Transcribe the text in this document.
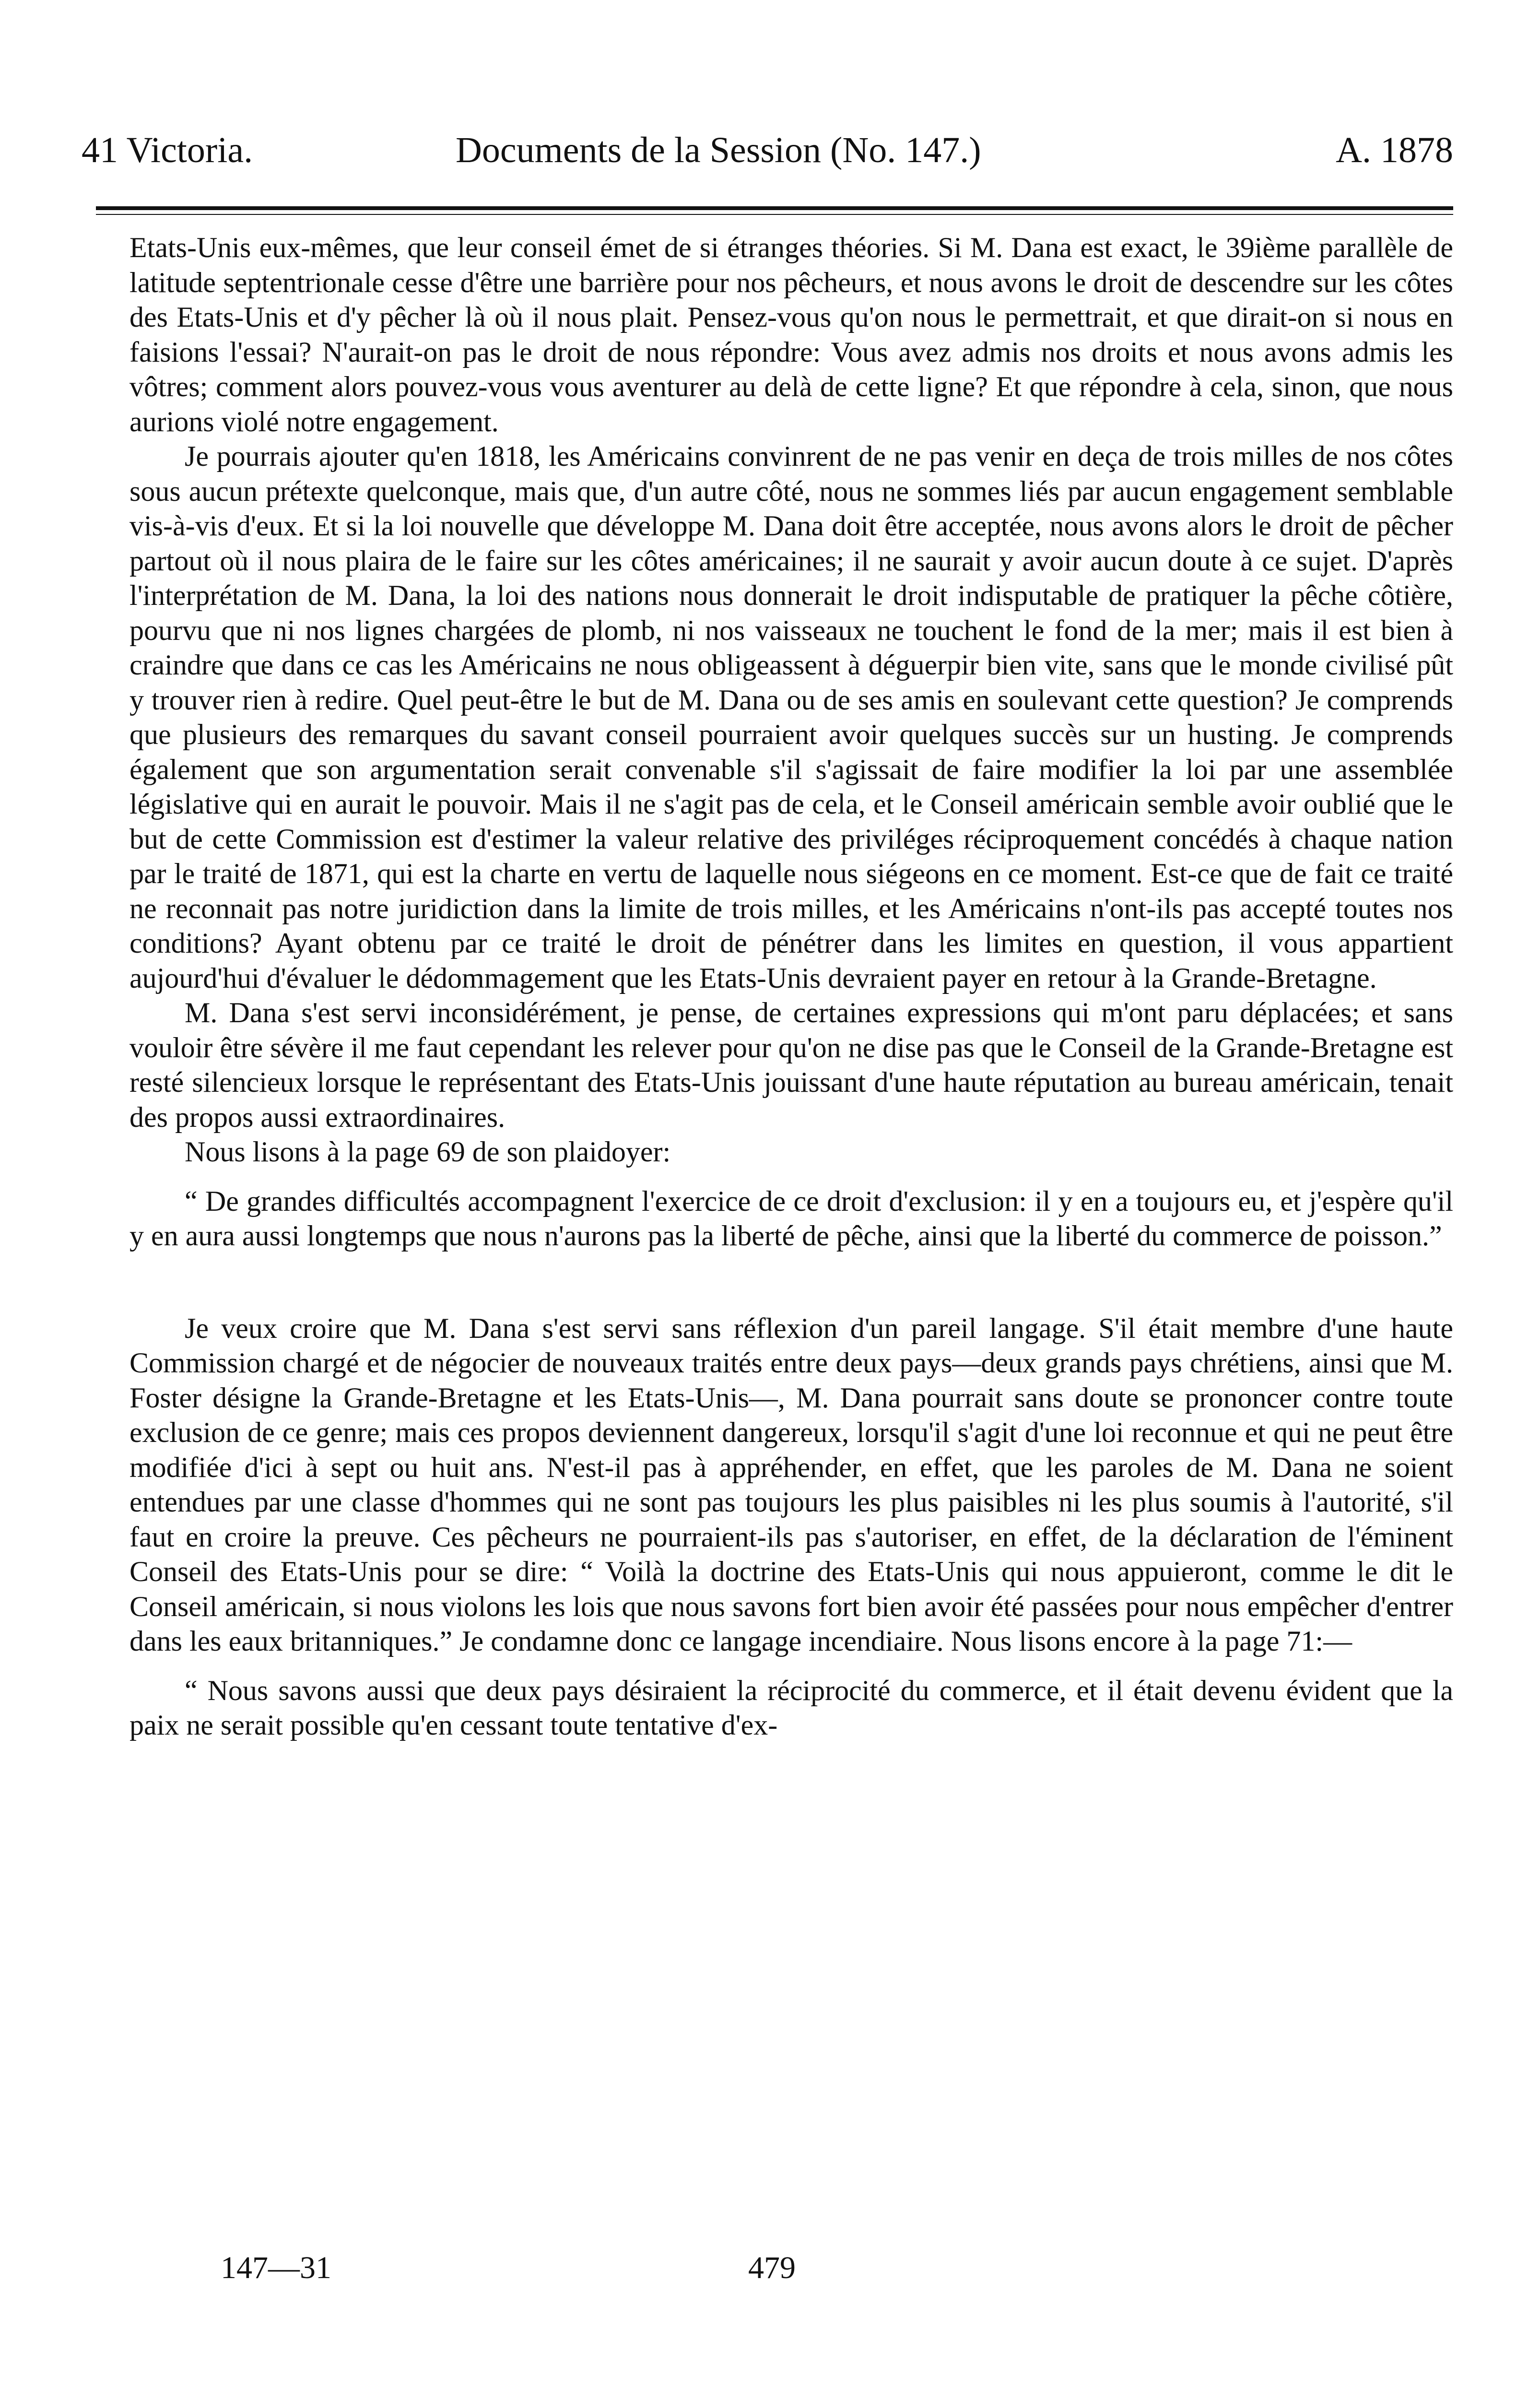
41 Victoria.	Documents de la Session (No. 147.)	A. 1878

Etats-Unis eux-mêmes, que leur conseil émet de si étranges théories. Si M. Dana est exact, le 39ième parallèle de latitude septentrionale cesse d'être une barrière pour nos pêcheurs, et nous avons le droit de descendre sur les côtes des Etats-Unis et d'y pêcher là où il nous plait. Pensez-vous qu'on nous le permettrait, et que dirait-on si nous en faisions l'essai? N'aurait-on pas le droit de nous répondre: Vous avez admis nos droits et nous avons admis les vôtres; comment alors pouvez-vous vous aventurer au delà de cette ligne? Et que répondre à cela, sinon, que nous aurions violé notre engagement.

Je pourrais ajouter qu'en 1818, les Américains convinrent de ne pas venir en deça de trois milles de nos côtes sous aucun prétexte quelconque, mais que, d'un autre côté, nous ne sommes liés par aucun engagement semblable vis-à-vis d'eux. Et si la loi nouvelle que développe M. Dana doit être acceptée, nous avons alors le droit de pêcher partout où il nous plaira de le faire sur les côtes américaines; il ne saurait y avoir aucun doute à ce sujet. D'après l'interprétation de M. Dana, la loi des nations nous donnerait le droit indisputable de pratiquer la pêche côtière, pourvu que ni nos lignes chargées de plomb, ni nos vaisseaux ne touchent le fond de la mer; mais il est bien à craindre que dans ce cas les Américains ne nous obligeassent à déguerpir bien vite, sans que le monde civilisé pût y trouver rien à redire. Quel peut-être le but de M. Dana ou de ses amis en soulevant cette question? Je comprends que plusieurs des remarques du savant conseil pourraient avoir quelques succès sur un husting. Je comprends également que son argumentation serait convenable s'il s'agissait de faire modifier la loi par une assemblée législative qui en aurait le pouvoir. Mais il ne s'agit pas de cela, et le Conseil américain semble avoir oublié que le but de cette Commission est d'estimer la valeur relative des priviléges réciproquement concédés à chaque nation par le traité de 1871, qui est la charte en vertu de laquelle nous siégeons en ce moment. Est-ce que de fait ce traité ne reconnait pas notre juridiction dans la limite de trois milles, et les Américains n'ont-ils pas accepté toutes nos conditions? Ayant obtenu par ce traité le droit de pénétrer dans les limites en question, il vous appartient aujourd'hui d'évaluer le dédommagement que les Etats-Unis devraient payer en retour à la Grande-Bretagne.

M. Dana s'est servi inconsidérément, je pense, de certaines expressions qui m'ont paru déplacées; et sans vouloir être sévère il me faut cependant les relever pour qu'on ne dise pas que le Conseil de la Grande-Bretagne est resté silencieux lorsque le représentant des Etats-Unis jouissant d'une haute réputation au bureau américain, tenait des propos aussi extraordinaires.

Nous lisons à la page 69 de son plaidoyer:

“ De grandes difficultés accompagnent l'exercice de ce droit d'exclusion: il y en a toujours eu, et j'espère qu'il y en aura aussi longtemps que nous n'aurons pas la liberté de pêche, ainsi que la liberté du commerce de poisson.”

Je veux croire que M. Dana s'est servi sans réflexion d'un pareil langage. S'il était membre d'une haute Commission chargé et de négocier de nouveaux traités entre deux pays—deux grands pays chrétiens, ainsi que M. Foster désigne la Grande-Bretagne et les Etats-Unis—, M. Dana pourrait sans doute se prononcer contre toute exclusion de ce genre; mais ces propos deviennent dangereux, lorsqu'il s'agit d'une loi reconnue et qui ne peut être modifiée d'ici à sept ou huit ans. N'est-il pas à appréhender, en effet, que les paroles de M. Dana ne soient entendues par une classe d'hommes qui ne sont pas toujours les plus paisibles ni les plus soumis à l'autorité, s'il faut en croire la preuve. Ces pêcheurs ne pourraient-ils pas s'autoriser, en effet, de la déclaration de l'éminent Conseil des Etats-Unis pour se dire: “ Voilà la doctrine des Etats-Unis qui nous appuieront, comme le dit le Conseil américain, si nous violons les lois que nous savons fort bien avoir été passées pour nous empêcher d'entrer dans les eaux britanniques.” Je condamne donc ce langage incendiaire. Nous lisons encore à la page 71:—

“ Nous savons aussi que deux pays désiraient la réciprocité du commerce, et il était devenu évident que la paix ne serait possible qu'en cessant toute tentative d'ex-

147—31	479
